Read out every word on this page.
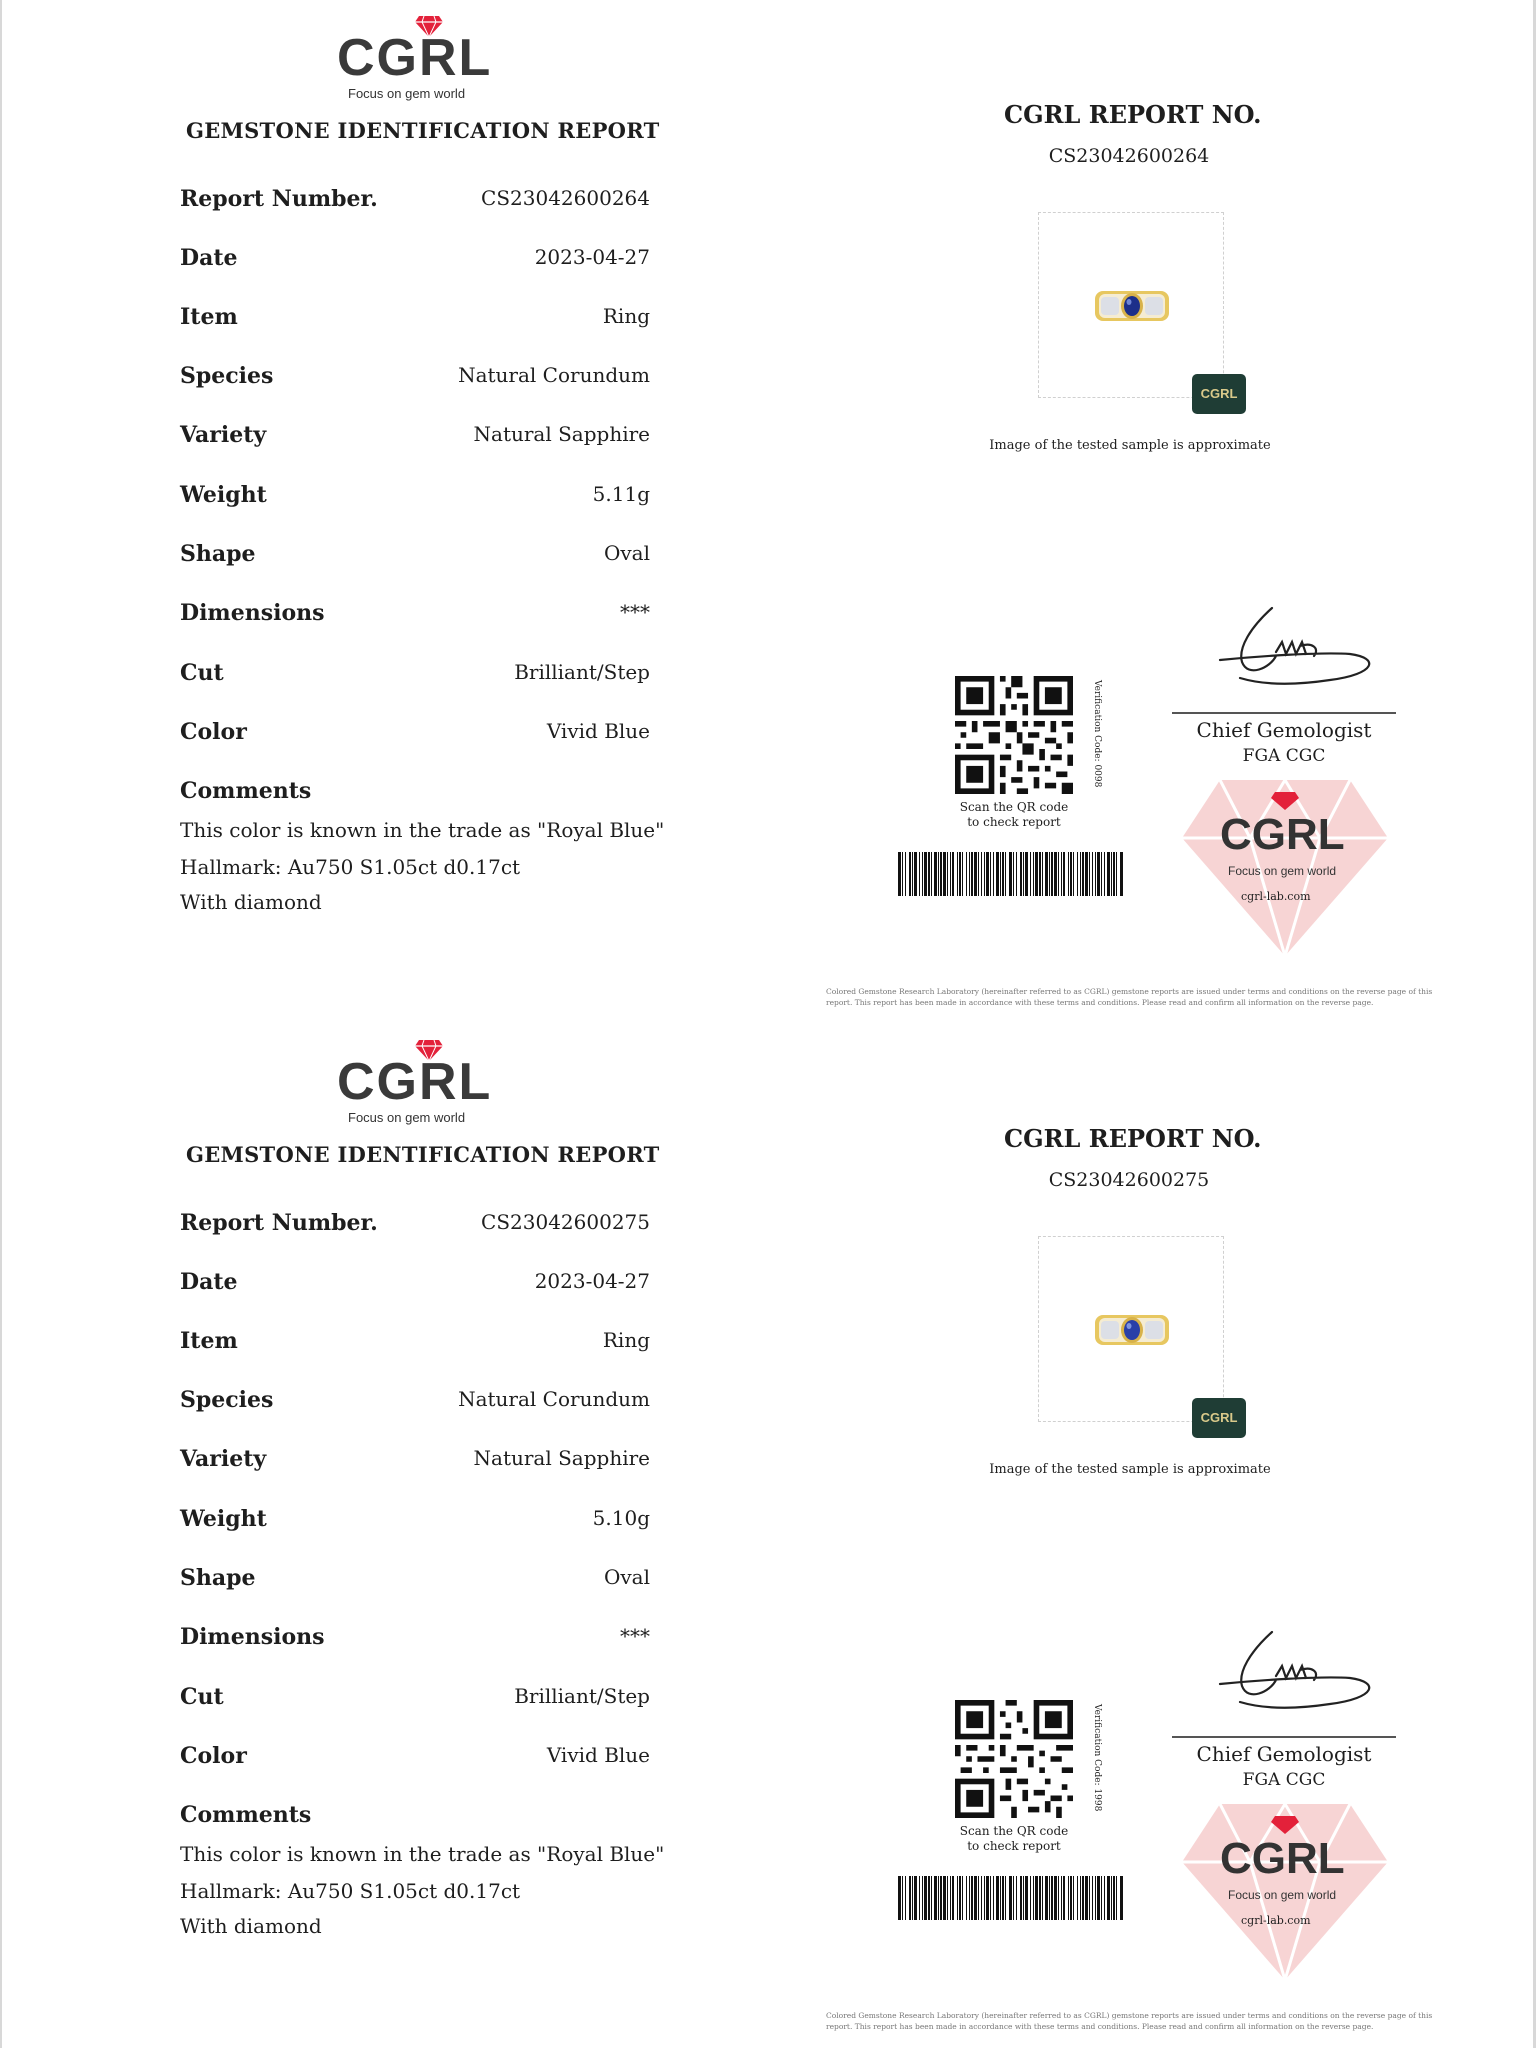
CGRL
Focus on gem world
GEMSTONE IDENTIFICATION REPORT
Report Number.	CS23042600264
Date	2023-04-27
Item	Ring
Species	Natural Corundum
Variety	Natural Sapphire
Weight	5.11g
Shape	Oval
Dimensions	***
Cut	Brilliant/Step
Color	Vivid Blue
Comments
This color is known in the trade as "Royal Blue"
Hallmark: Au750 S1.05ct d0.17ct
With diamond
CGRL REPORT NO.
CS23042600264
CGRL
Image of the tested sample is approximate
Verification Code: 0098
Scan the QR code
to check report
Chief Gemologist
FGA CGC
CGRL
Focus on gem world
cgrl-lab.com
Colored Gemstone Research Laboratory (hereinafter referred to as CGRL) gemstone reports are issued under terms and conditions on the reverse page of this report. This report has been made in accordance with these terms and conditions. Please read and confirm all information on the reverse page.
CGRL
Focus on gem world
GEMSTONE IDENTIFICATION REPORT
Report Number.	CS23042600275
Date	2023-04-27
Item	Ring
Species	Natural Corundum
Variety	Natural Sapphire
Weight	5.10g
Shape	Oval
Dimensions	***
Cut	Brilliant/Step
Color	Vivid Blue
Comments
This color is known in the trade as "Royal Blue"
Hallmark: Au750 S1.05ct d0.17ct
With diamond
CGRL REPORT NO.
CS23042600275
CGRL
Image of the tested sample is approximate
Verification Code: 1998
Scan the QR code
to check report
Chief Gemologist
FGA CGC
CGRL
Focus on gem world
cgrl-lab.com
Colored Gemstone Research Laboratory (hereinafter referred to as CGRL) gemstone reports are issued under terms and conditions on the reverse page of this report. This report has been made in accordance with these terms and conditions. Please read and confirm all information on the reverse page.
